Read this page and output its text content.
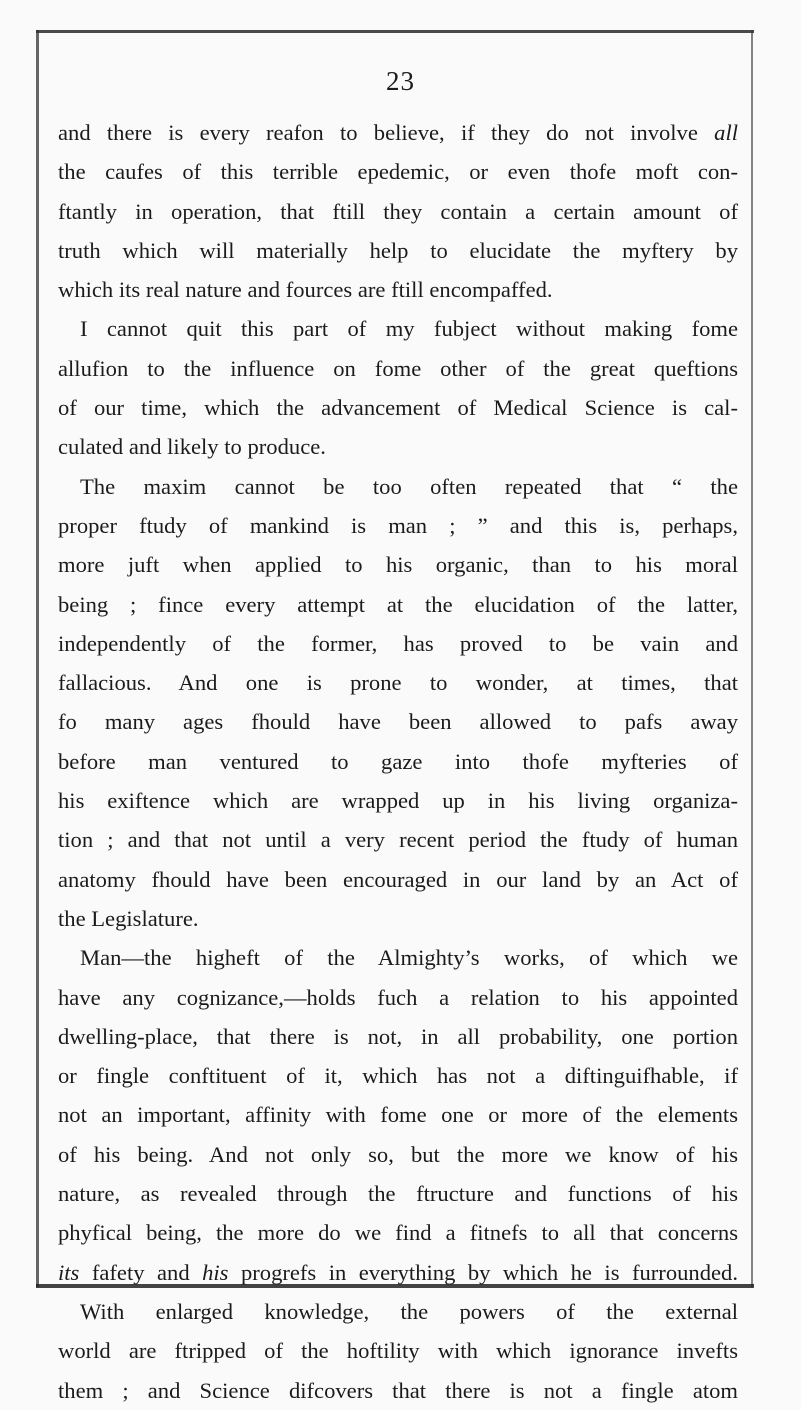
23
and there is every reafon to believe, if they do not involve all
the caufes of this terrible epedemic, or even thofe moft con-
ftantly in operation, that ftill they contain a certain amount of
truth which will materially help to elucidate the myftery by
which its real nature and fources are ftill encompaffed.
I cannot quit this part of my fubject without making fome
allufion to the influence on fome other of the great queftions
of our time, which the advancement of Medical Science is cal-
culated and likely to produce.
The maxim cannot be too often repeated that “ the
proper ftudy of mankind is man ; ” and this is, perhaps,
more juft when applied to his organic, than to his moral
being ; fince every attempt at the elucidation of the latter,
independently of the former, has proved to be vain and
fallacious. And one is prone to wonder, at times, that
fo many ages fhould have been allowed to pafs away
before man ventured to gaze into thofe myfteries of
his exiftence which are wrapped up in his living organiza-
tion ; and that not until a very recent period the ftudy of human
anatomy fhould have been encouraged in our land by an Act of
the Legislature.
Man—the higheft of the Almighty’s works, of which we
have any cognizance,—holds fuch a relation to his appointed
dwelling-place, that there is not, in all probability, one portion
or fingle conftituent of it, which has not a diftinguifhable, if
not an important, affinity with fome one or more of the elements
of his being. And not only so, but the more we know of his
nature, as revealed through the ftructure and functions of his
phyfical being, the more do we find a fitnefs to all that concerns
its fafety and his progrefs in everything by which he is furrounded.
With enlarged knowledge, the powers of the external
world are ftripped of the hoftility with which ignorance invefts
them ; and Science difcovers that there is not a fingle atom
